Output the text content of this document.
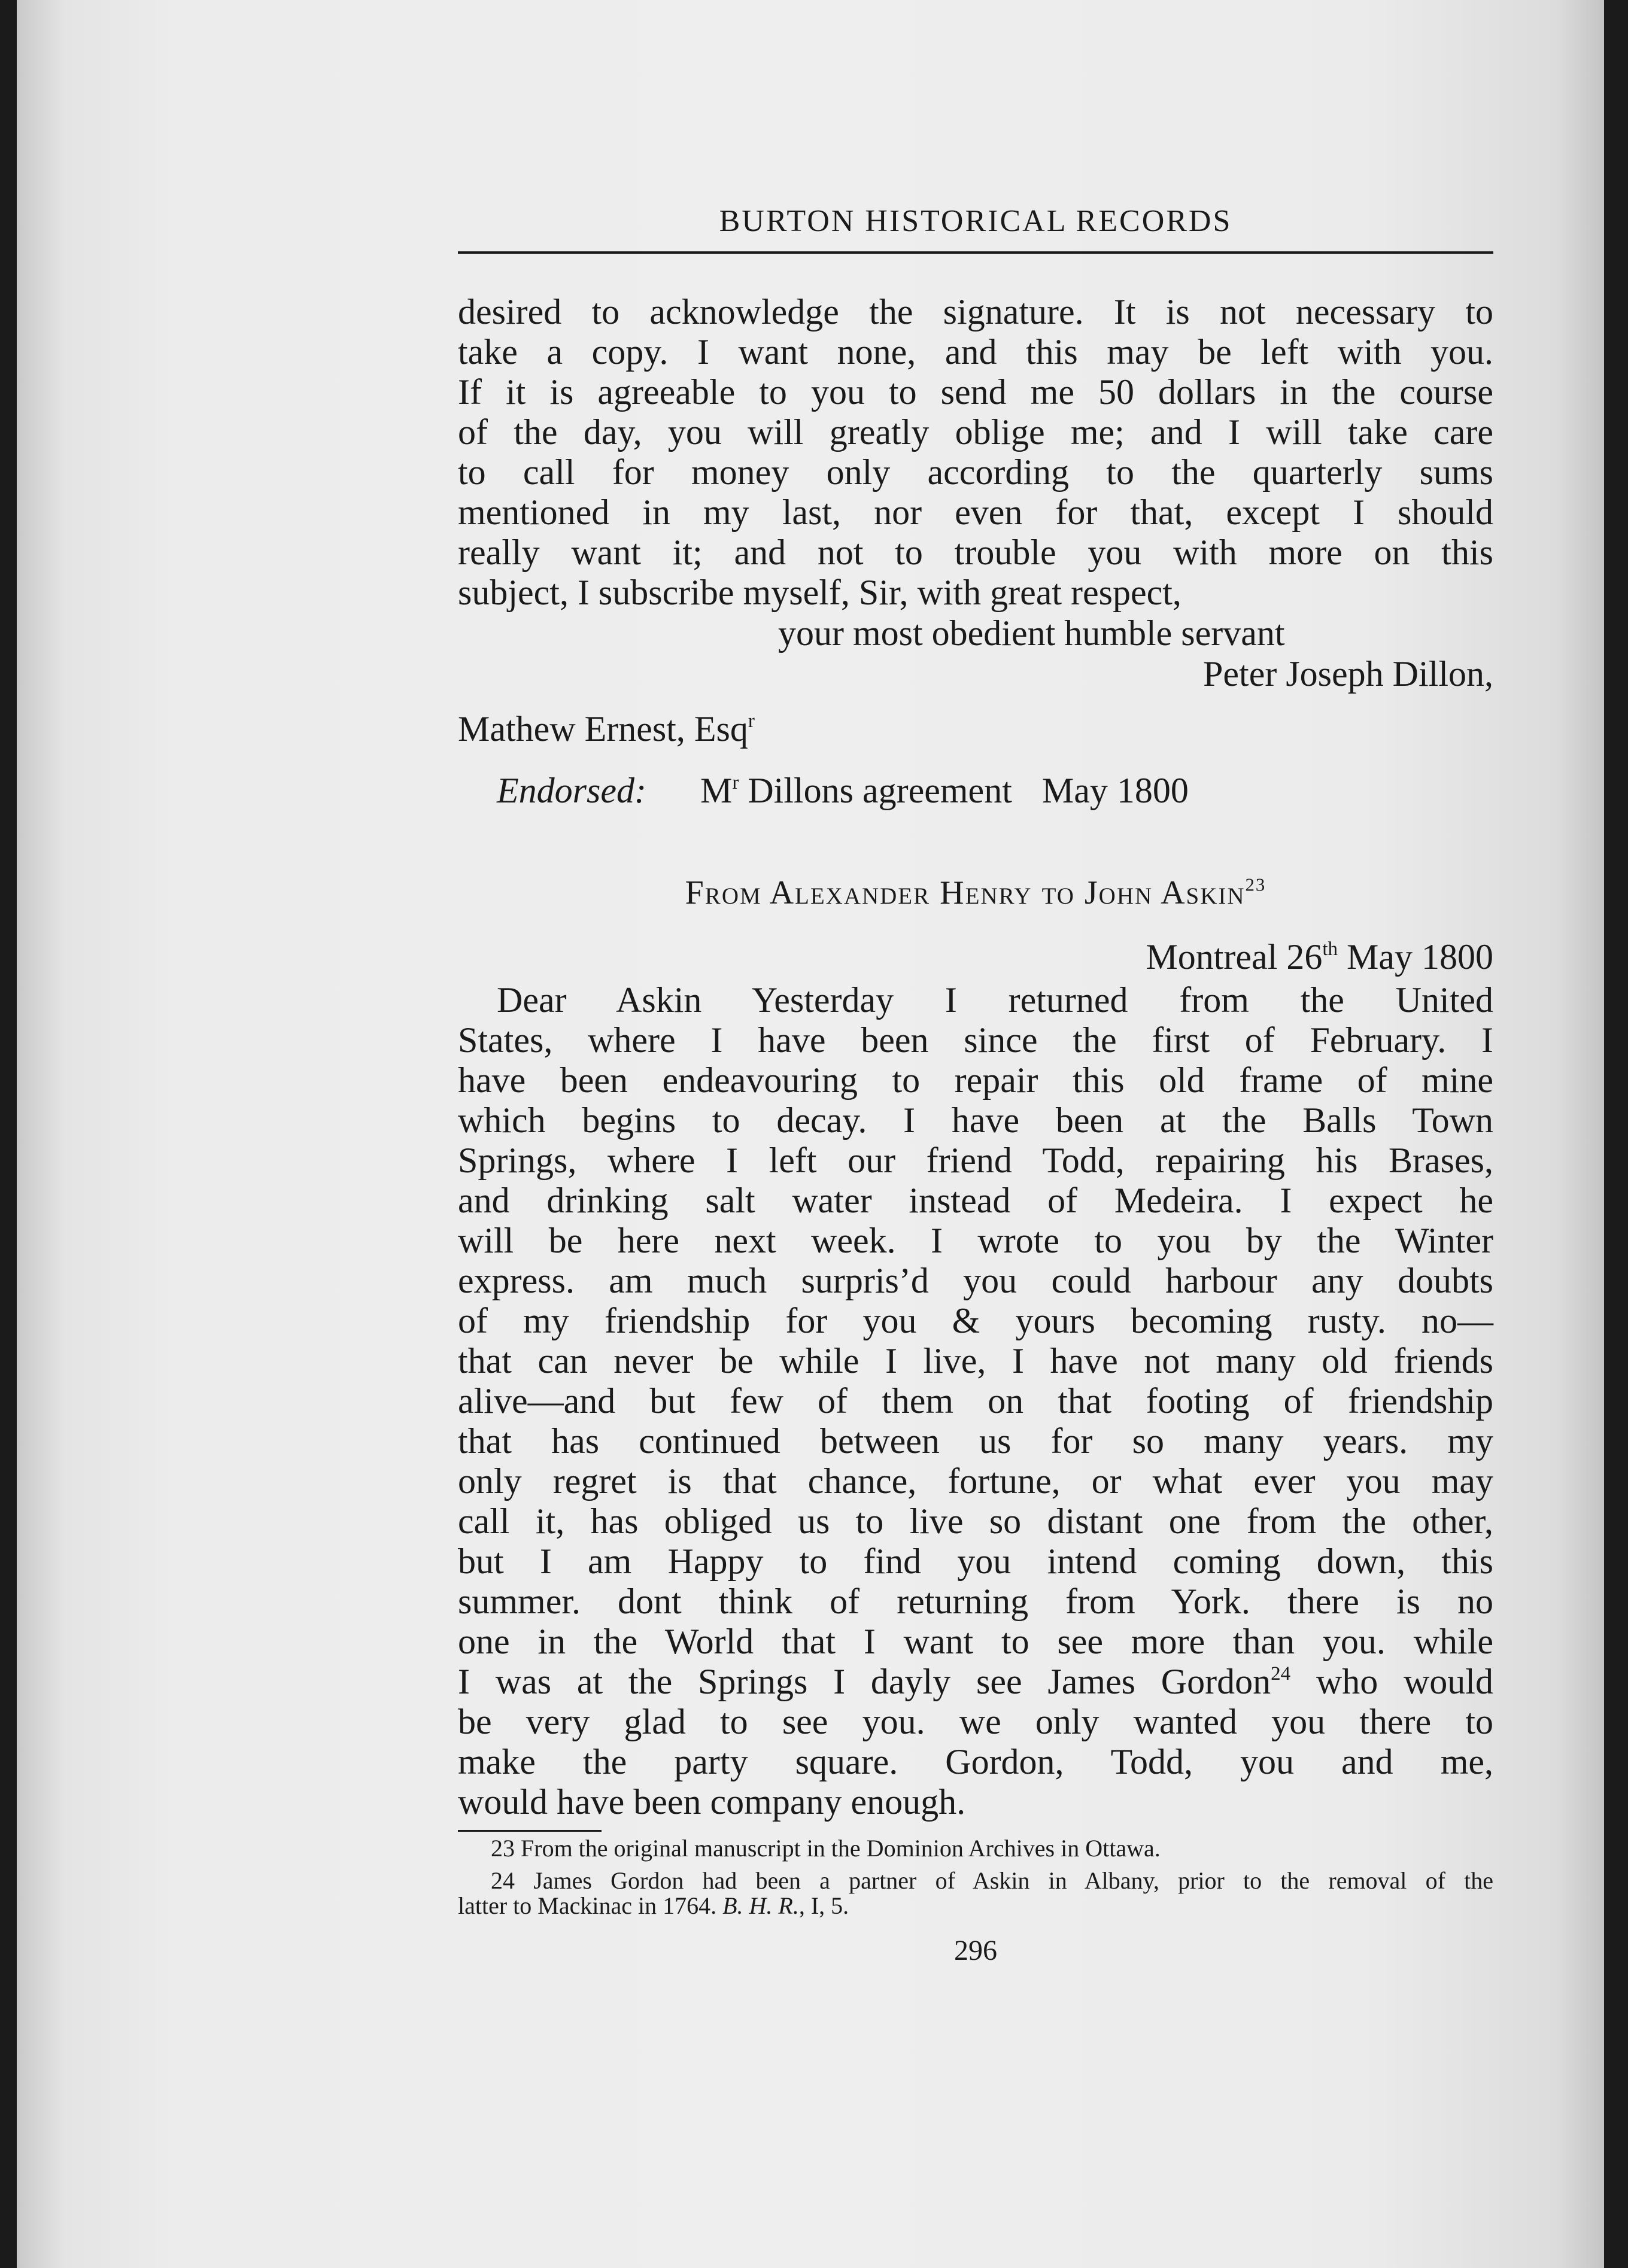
BURTON HISTORICAL RECORDS
desired to acknowledge the signature. It is not necessary to
take a copy. I want none, and this may be left with you.
If it is agreeable to you to send me 50 dollars in the course
of the day, you will greatly oblige me; and I will take care
to call for money only according to the quarterly sums
mentioned in my last, nor even for that, except I should
really want it; and not to trouble you with more on this
subject, I subscribe myself, Sir, with great respect,
your most obedient humble servant
Peter Joseph Dillon,
Mathew Ernest, Esq$^r$
Endorsed: $M^r$ Dillons agreement May 1800
From Alexander Henry to John Askin$^{23}$
Montreal 26th May 1800
Dear Askin Yesterday I returned from the United
States, where I have been since the first of February. I
have been endeavouring to repair this old frame of mine
which begins to decay. I have been at the Balls Town
Springs, where I left our friend Todd, repairing his Brases,
and drinking salt water instead of Medeira. I expect he
will be here next week. I wrote to you by the Winter
express. am much surpris’d you could harbour any doubts
of my friendship for you & yours becoming rusty. no—
that can never be while I live, I have not many old friends
alive—and but few of them on that footing of friendship
that has continued between us for so many years. my
only regret is that chance, fortune, or what ever you may
call it, has obliged us to live so distant one from the other,
but I am Happy to find you intend coming down, this
summer. dont think of returning from York. there is no
one in the World that I want to see more than you. while
I was at the Springs I dayly see James Gordon$^{24}$ who would
be very glad to see you. we only wanted you there to
make the party square. Gordon, Todd, you and me,
would have been company enough.
23 From the original manuscript in the Dominion Archives in Ottawa.
24 James Gordon had been a partner of Askin in Albany, prior to the removal of the
latter to Mackinac in 1764. B. H. R., I, 5.
296
